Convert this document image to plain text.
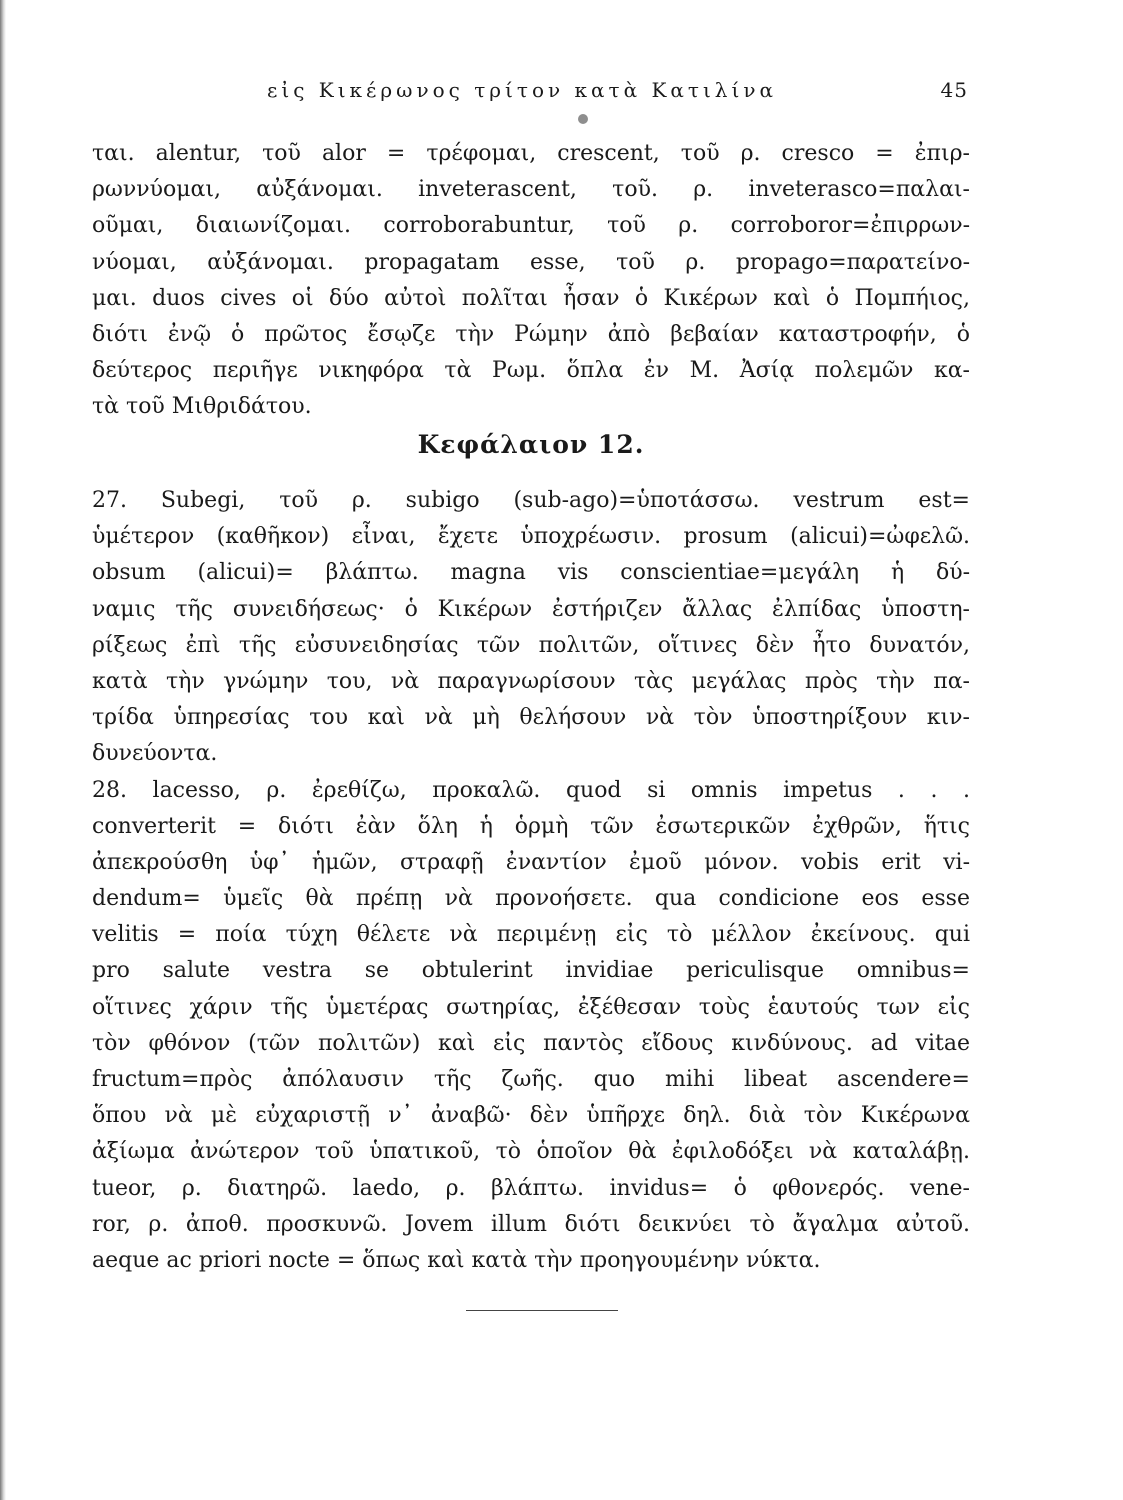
εἰς Κικέρωνος τρίτον κατὰ Κατιλίνα	45
ται. alentur, τοῦ alor = τρέφομαι, crescent, τοῦ ρ. cresco = ἐπιρ-
ρωννύομαι, αὐξάνομαι. inveterascent, τοῦ. ρ. inveterasco=παλαι-
οῦμαι, διαιωνίζομαι. corroborabuntur, τοῦ ρ. corroboror=ἐπιρρων-
νύομαι, αὐξάνομαι. propagatam esse, τοῦ ρ. propago=παρατείνο-
μαι. duos cives οἱ δύο αὐτοὶ πολῖται ἦσαν ὁ Κικέρων καὶ ὁ Πομπήιος,
διότι ἐνῷ ὁ πρῶτος ἔσῳζε τὴν Ρώμην ἀπὸ βεβαίαν καταστροφήν, ὁ
δεύτερος περιῆγε νικηφόρα τὰ Ρωμ. ὅπλα ἐν Μ. Ἀσίᾳ πολεμῶν κα-
τὰ τοῦ Μιθριδάτου.
Κεφάλαιον 12.
27. Subegi, τοῦ ρ. subigo (sub-ago)=ὑποτάσσω. vestrum est=
ὑμέτερον (καθῆκον) εἶναι, ἔχετε ὑποχρέωσιν. prosum (alicui)=ὠφελῶ.
obsum (alicui)= βλάπτω. magna vis conscientiae=μεγάλη ἡ δύ-
ναμις τῆς συνειδήσεως· ὁ Κικέρων ἐστήριζεν ἄλλας ἐλπίδας ὑποστη-
ρίξεως ἐπὶ τῆς εὐσυνειδησίας τῶν πολιτῶν, οἵτινες δὲν ἦτο δυνατόν,
κατὰ τὴν γνώμην του, νὰ παραγνωρίσουν τὰς μεγάλας πρὸς τὴν πα-
τρίδα ὑπηρεσίας του καὶ νὰ μὴ θελήσουν νὰ τὸν ὑποστηρίξουν κιν-
δυνεύοντα.
28. lacesso, ρ. ἐρεθίζω, προκαλῶ. quod si omnis impetus . . .
converterit = διότι ἐὰν ὅλη ἡ ὁρμὴ τῶν ἐσωτερικῶν ἐχθρῶν, ἥτις
ἀπεκρούσθη ὑφ᾿ ἡμῶν, στραφῇ ἐναντίον ἐμοῦ μόνον. vobis erit vi-
dendum= ὑμεῖς θὰ πρέπῃ νὰ προνοήσετε. qua condicione eos esse
velitis = ποία τύχη θέλετε νὰ περιμένῃ εἰς τὸ μέλλον ἐκείνους. qui
pro salute vestra se obtulerint invidiae periculisque omnibus=
οἵτινες χάριν τῆς ὑμετέρας σωτηρίας, ἐξέθεσαν τοὺς ἑαυτούς των εἰς
τὸν φθόνον (τῶν πολιτῶν) καὶ εἰς παντὸς εἴδους κινδύνους. ad vitae
fructum=πρὸς ἀπόλαυσιν τῆς ζωῆς. quo mihi libeat ascendere=
ὅπου νὰ μὲ εὐχαριστῇ ν᾿ ἀναβῶ· δὲν ὑπῆρχε δηλ. διὰ τὸν Κικέρωνα
ἀξίωμα ἀνώτερον τοῦ ὑπατικοῦ, τὸ ὁποῖον θὰ ἐφιλοδόξει νὰ καταλάβῃ.
tueor, ρ. διατηρῶ. laedo, ρ. βλάπτω. invidus= ὁ φθονερός. vene-
ror, ρ. ἀποθ. προσκυνῶ. Jovem illum διότι δεικνύει τὸ ἄγαλμα αὐτοῦ.
aeque ac priori nocte = ὅπως καὶ κατὰ τὴν προηγουμένην νύκτα.
